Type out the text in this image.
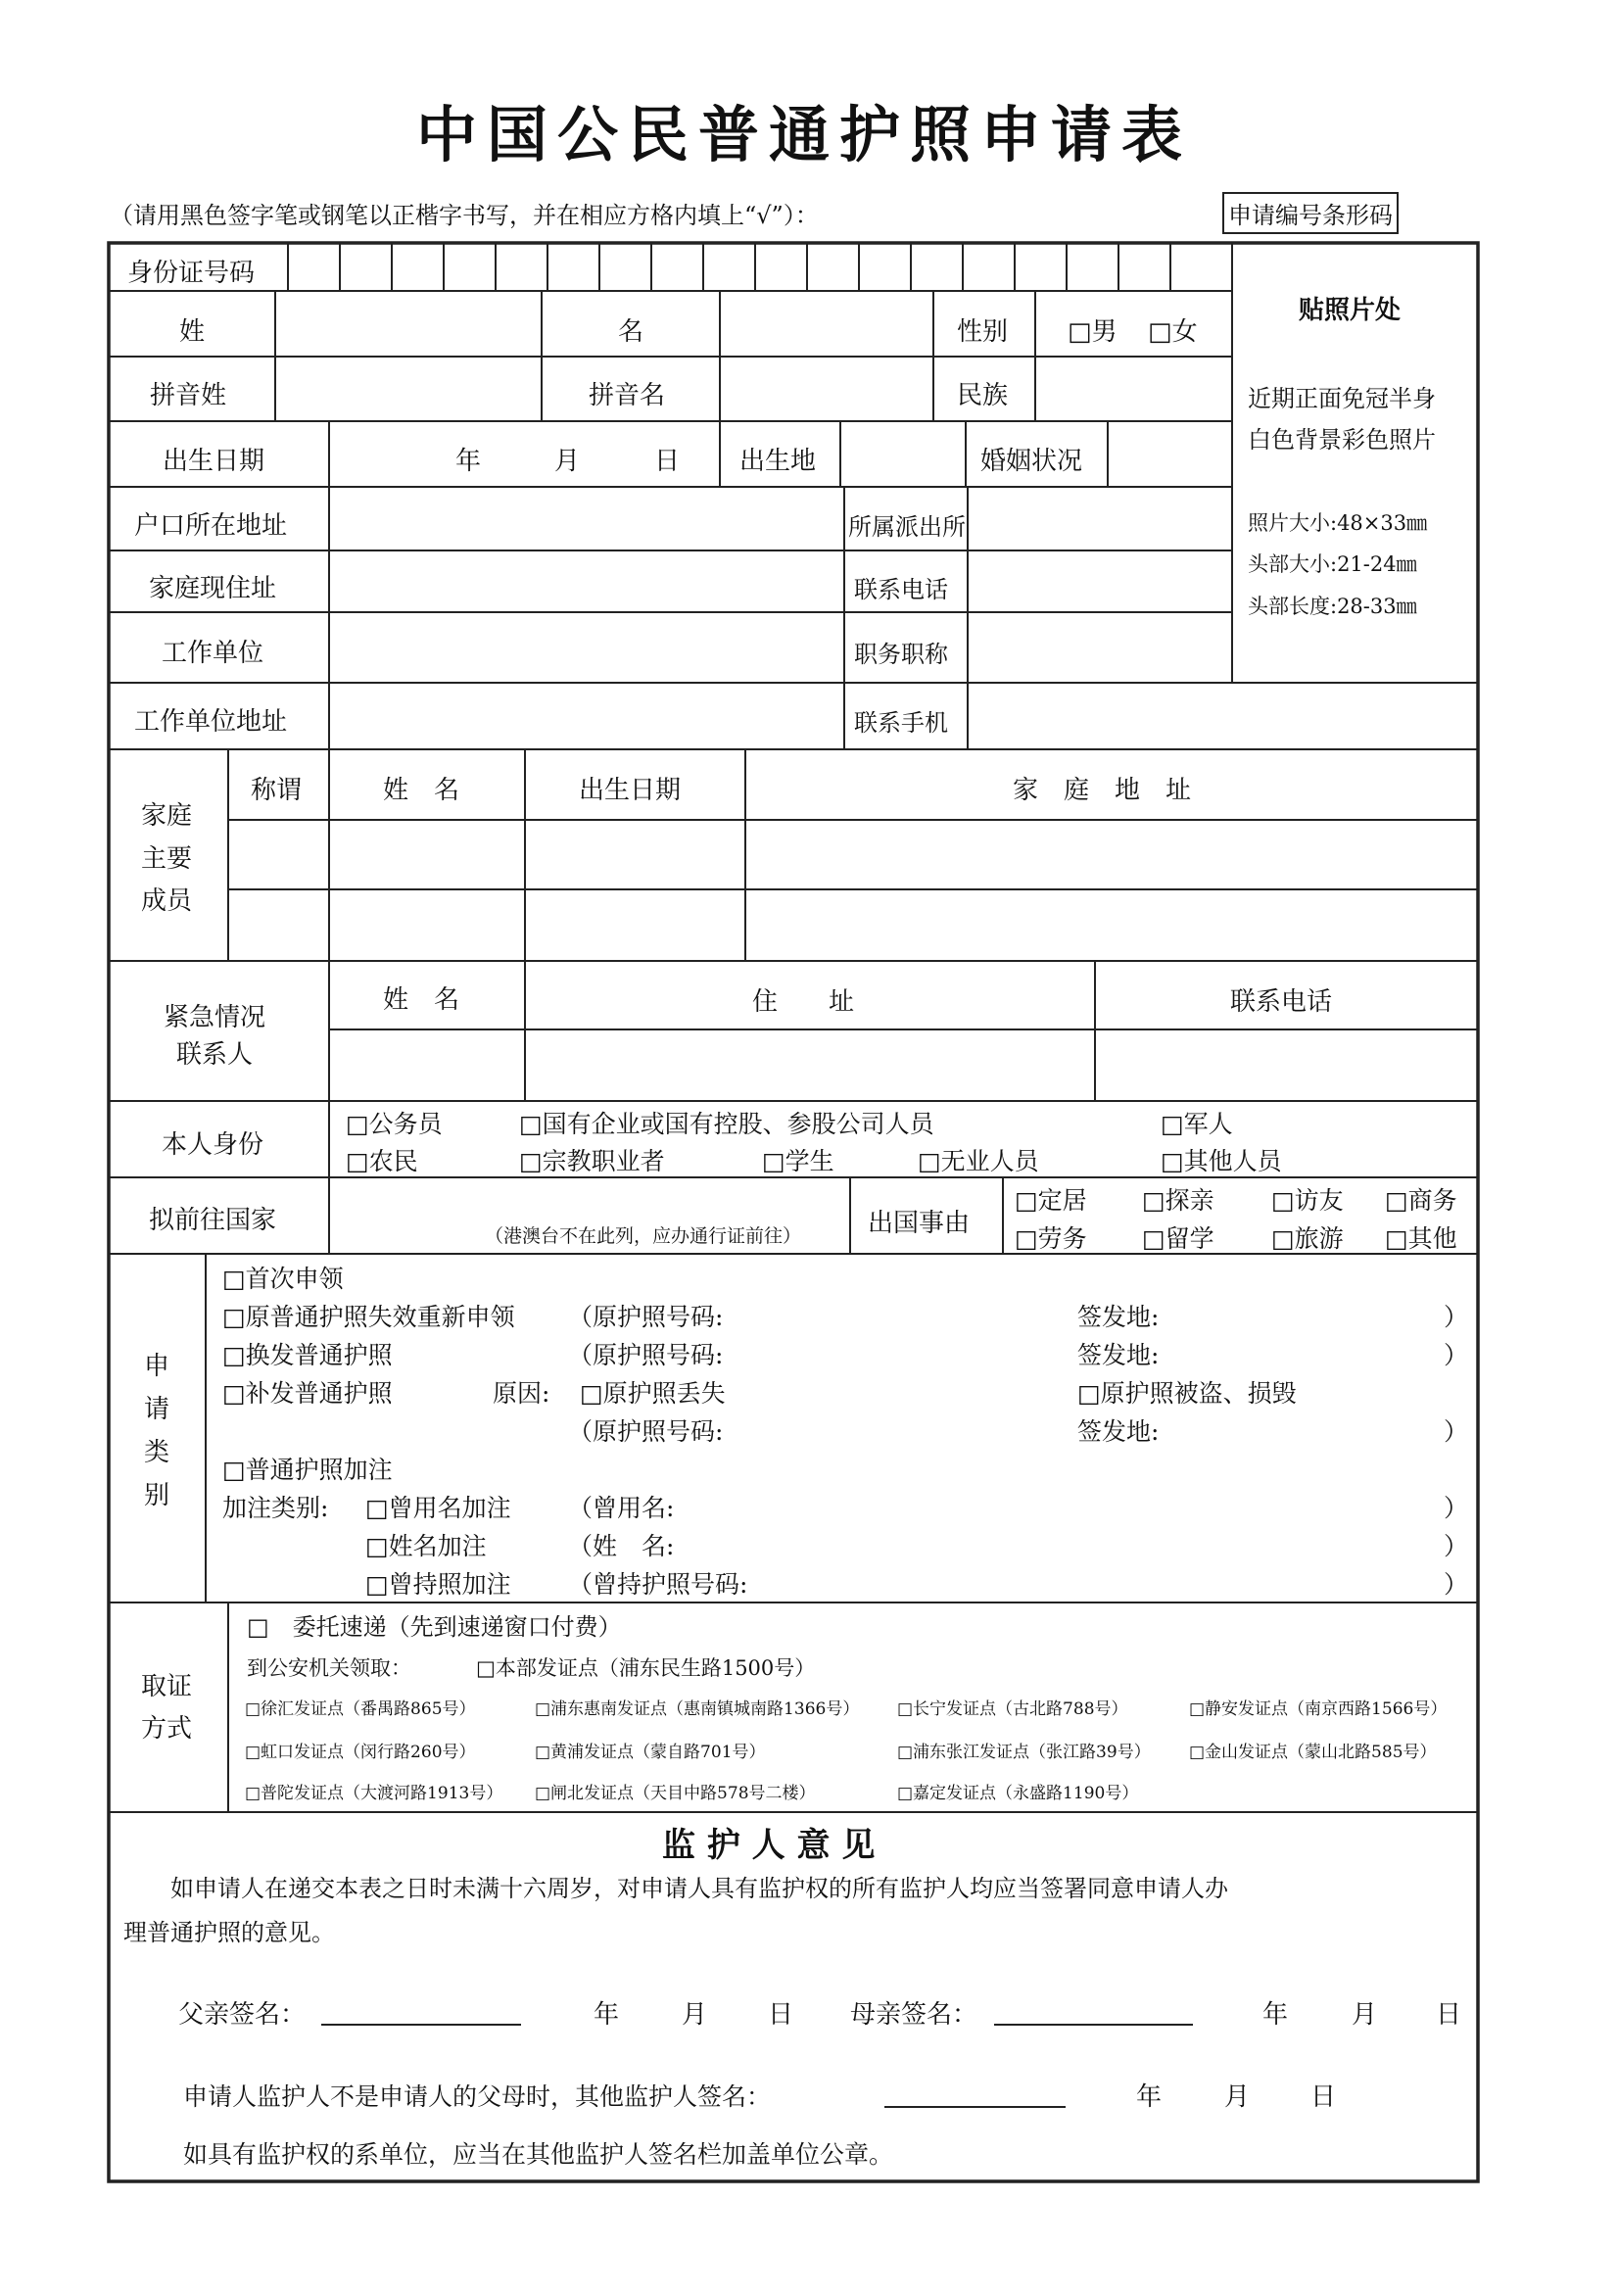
中国公民普通护照申请表
（请用黑色签字笔或钢笔以正楷字书写，并在相应方格内填上“√”）：	申请编号条形码
身份证号码
贴照片处
近期正面免冠半身
白色背景彩色照片
照片大小:48×33㎜
头部大小:21-24㎜
头部长度:28-33㎜
姓	名	性别 □男 □女
拼音姓	拼音名	民族
出生日期	年	月	日 出生地	婚姻状况
户口所在地址	所属派出所
家庭现住址	联系电话
工作单位	职务职称
工作单位地址	联系手机
家庭
主要
成员
称谓	姓　名	出生日期	家　庭　地　址
紧急情况
联系人
姓　名	住　　址	联系电话
本人身份
□公务员	□国有企业或国有控股、参股公司人员	□军人
□农民	□宗教职业者	□学生	□无业人员	□其他人员
拟前往国家
（港澳台不在此列，应办通行证前往）	出国事由
□定居 □探亲 □访友 □商务
□劳务 □留学 □旅游 □其他
申
请
类
别
□首次申领
□原普通护照失效重新申领 （原护照号码:	签发地:	）
□换发普通护照	（原护照号码:	签发地:	）
□补发普通护照	原因: □原护照丢失	□原护照被盗、损毁
（原护照号码:	签发地:	）
□普通护照加注
加注类别: □曾用名加注 （曾用名:	）
□姓名加注	（姓　名:	）
□曾持照加注 （曾持护照号码:	）
取证
方式
□　委托速递（先到速递窗口付费）
到公安机关领取：	□本部发证点（浦东民生路1500号）
□徐汇发证点（番禺路865号）	□浦东惠南发证点（惠南镇城南路1366号） □长宁发证点（古北路788号）	□静安发证点（南京西路1566号）
□虹口发证点（闵行路260号）	□黄浦发证点（蒙自路701号）	□浦东张江发证点（张江路39号） □金山发证点（蒙山北路585号）
□普陀发证点（大渡河路1913号） □闸北发证点（天目中路578号二楼）	□嘉定发证点（永盛路1190号）
监 护 人 意 见
如申请人在递交本表之日时未满十六周岁，对申请人具有监护权的所有监护人均应当签署同意申请人办
理普通护照的意见。
父亲签名：	年 月 日 母亲签名：	年 月 日
申请人监护人不是申请人的父母时，其他监护人签名：	年 月 日
如具有监护权的系单位，应当在其他监护人签名栏加盖单位公章。
